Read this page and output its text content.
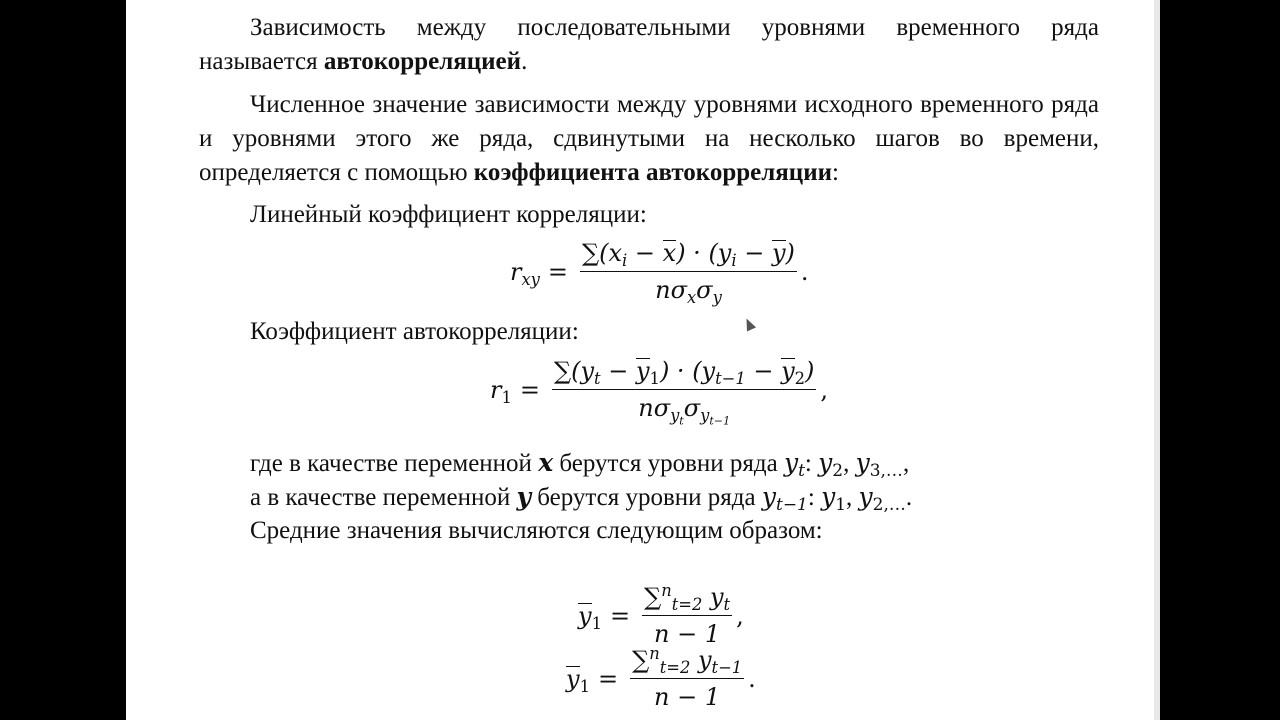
Зависимость между последовательными уровнями временного ряда называется автокорреляцией.
Численное значение зависимости между уровнями исходного временного ряда и уровнями этого же ряда, сдвинутыми на несколько шагов во времени, определяется с помощью коэффициента автокорреляции:
Линейный коэффициент корреляции:
$r_{xy} = \frac{\sum(x_i - x) \cdot (y_i - y)}{n\sigma_x\sigma_y}$ .
Коэффициент автокорреляции:
$r_1 = \frac{\sum(y_t - y_1) \cdot (y_{t-1} - y_2)}{n\sigma_{y_t}\sigma_{y_{t-1}}}$ ,
где в качестве переменной x берутся уровни ряда $y_t$: $y_2$, $y_{3,\dots}$,
а в качестве переменной y берутся уровни ряда $y_{t-1}$: $y_1$, $y_{2,\dots}$.
Средние значения вычисляются следующим образом:
$y_1 = \frac{\sum^n_{t=2} y_t}{n - 1}$ ,
$y_1 = \frac{\sum^n_{t=2} y_{t-1}}{n - 1}$ .
